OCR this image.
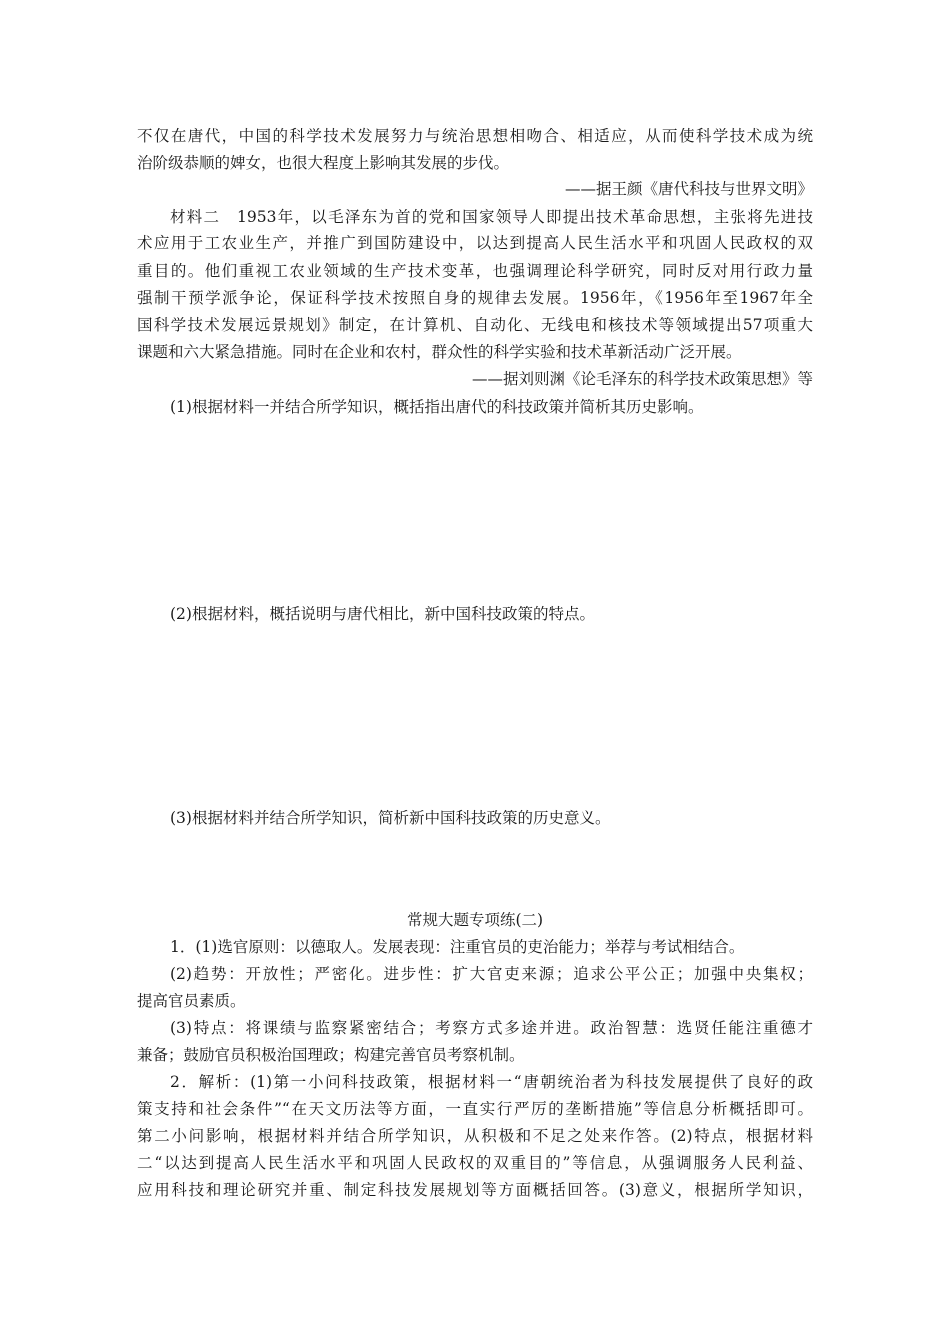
不仅在唐代，中国的科学技术发展努力与统治思想相吻合、相适应，从而使科学技术成为统
治阶级恭顺的婢女，也很大程度上影响其发展的步伐。
——据王颜《唐代科技与世界文明》
材料二　1953年，以毛泽东为首的党和国家领导人即提出技术革命思想，主张将先进技
术应用于工农业生产，并推广到国防建设中，以达到提高人民生活水平和巩固人民政权的双
重目的。他们重视工农业领域的生产技术变革，也强调理论科学研究，同时反对用行政力量
强制干预学派争论，保证科学技术按照自身的规律去发展。1956年，《1956年至1967年全
国科学技术发展远景规划》制定，在计算机、自动化、无线电和核技术等领域提出57项重大
课题和六大紧急措施。同时在企业和农村，群众性的科学实验和技术革新活动广泛开展。
——据刘则渊《论毛泽东的科学技术政策思想》等
(1)根据材料一并结合所学知识，概括指出唐代的科技政策并简析其历史影响。
(2)根据材料，概括说明与唐代相比，新中国科技政策的特点。
(3)根据材料并结合所学知识，简析新中国科技政策的历史意义。
常规大题专项练(二)
1．(1)选官原则：以德取人。发展表现：注重官员的吏治能力；举荐与考试相结合。
(2)趋势：开放性；严密化。进步性：扩大官吏来源；追求公平公正；加强中央集权；
提高官员素质。
(3)特点：将课绩与监察紧密结合；考察方式多途并进。政治智慧：选贤任能注重德才
兼备；鼓励官员积极治国理政；构建完善官员考察机制。
2．解析：(1)第一小问科技政策，根据材料一“唐朝统治者为科技发展提供了良好的政
策支持和社会条件”“在天文历法等方面，一直实行严厉的垄断措施”等信息分析概括即可。
第二小问影响，根据材料并结合所学知识，从积极和不足之处来作答。(2)特点，根据材料
二“以达到提高人民生活水平和巩固人民政权的双重目的”等信息，从强调服务人民利益、
应用科技和理论研究并重、制定科技发展规划等方面概括回答。(3)意义，根据所学知识，
